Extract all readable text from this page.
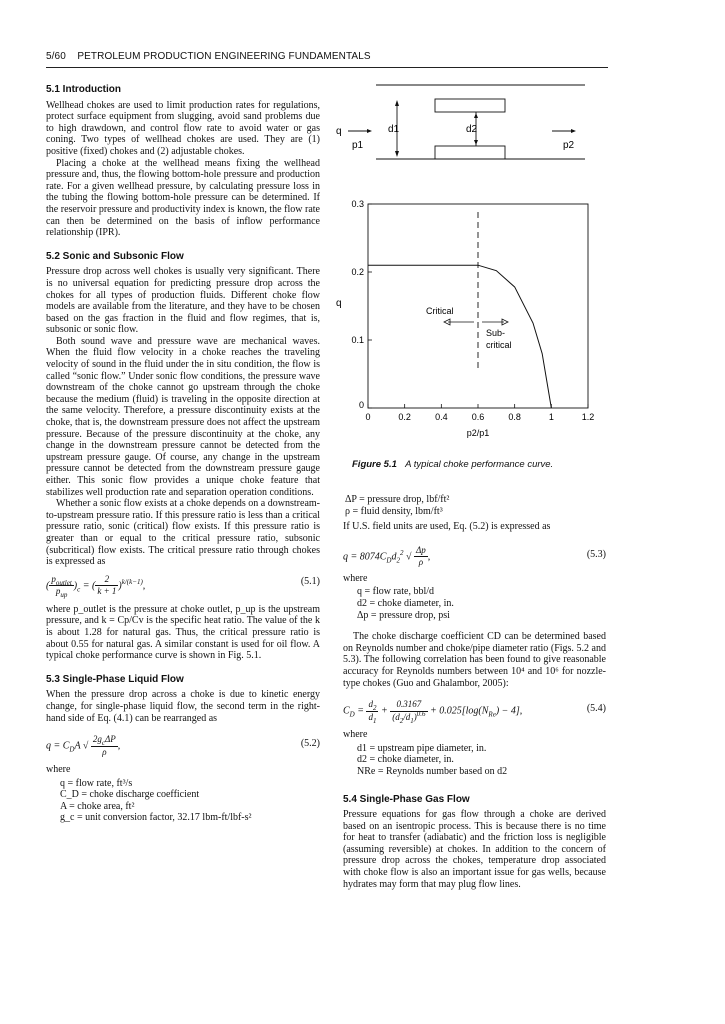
5/60 PETROLEUM PRODUCTION ENGINEERING FUNDAMENTALS
5.1 Introduction

Wellhead chokes are used to limit production rates for regulations, protect surface equipment from slugging, avoid sand problems due to high drawdown, and control flow rate to avoid water or gas coning. Two types of wellhead chokes are used. They are (1) positive (fixed) chokes and (2) adjustable chokes.

Placing a choke at the wellhead means fixing the wellhead pressure and, thus, the flowing bottom-hole pressure and production rate. For a given wellhead pressure, by calculating pressure loss in the tubing the flowing bottom-hole pressure can be determined. If the reservoir pressure and productivity index is known, the flow rate can then be determined on the basis of inflow performance relationship (IPR).

5.2 Sonic and Subsonic Flow

Pressure drop across well chokes is usually very significant. There is no universal equation for predicting pressure drop across the chokes for all types of production fluids. Different choke flow models are available from the literature, and they have to be chosen based on the gas fraction in the fluid and flow regimes, that is, subsonic or sonic flow.

Both sound wave and pressure wave are mechanical waves. When the fluid flow velocity in a choke reaches the traveling velocity of sound in the fluid under the in situ condition, the flow is called “sonic flow.” Under sonic flow conditions, the pressure wave downstream of the choke cannot go upstream through the choke because the medium (fluid) is traveling in the opposite direction at the same velocity. Therefore, a pressure discontinuity exists at the choke, that is, the downstream pressure does not affect the upstream pressure. Because of the pressure discontinuity at the choke, any change in the downstream pressure cannot be detected from the upstream pressure gauge. Of course, any change in the upstream pressure cannot be detected from the downstream pressure gauge either. This sonic flow provides a unique choke feature that stabilizes well production rate and separation operation conditions.

Whether a sonic flow exists at a choke depends on a downstream-to-upstream pressure ratio. If this pressure ratio is less than a critical pressure ratio, sonic (critical) flow exists. If this pressure ratio is greater than or equal to the critical pressure ratio, subsonic (subcritical) flow exists. The critical pressure ratio through chokes is expressed as

( $\frac{p_{outlet}}{p_{up}} )_c$ = ( $\frac{2}{k + 1} )^{k/(k-1)}$,	(5.1)

where p_outlet is the pressure at choke outlet, p_up is the upstream pressure, and k = Cp/Cv is the specific heat ratio. The value of the k is about 1.28 for natural gas. Thus, the critical pressure ratio is about 0.55 for natural gas. A similar constant is used for oil flow. A typical choke performance curve is shown in Fig. 5.1.

5.3 Single-Phase Liquid Flow

When the pressure drop across a choke is due to kinetic energy change, for single-phase liquid flow, the second term in the right-hand side of Eq. (4.1) can be rearranged as

$q = C_DA$ √ $\frac{2g_c\Delta P}{\rho}$ ,	(5.2)

where

q = flow rate, ft³/s
C_D = choke discharge coefficient
A = choke area, ft²
g_c = unit conversion factor, 32.17 lbm-ft/lbf-s²
q	d1	d2
p1	p2
0	0.2	0.4	0.6	0.8	1	1.2
0
0.1
0.2
0.3
q
p2/p1
Critical
Sub-
critical
Figure 5.1 A typical choke performance curve.
ΔP = pressure drop, lbf/ft²
ρ = fluid density, lbm/ft³

If U.S. field units are used, Eq. (5.2) is expressed as

$q = 8074C_Dd_2^2$ √ $\frac{\Delta p}{\rho}$ ,	(5.3)

where

q = flow rate, bbl/d
d2 = choke diameter, in.
Δp = pressure drop, psi

The choke discharge coefficient CD can be determined based on Reynolds number and choke/pipe diameter ratio (Figs. 5.2 and 5.3). The following correlation has been found to give reasonable accuracy for Reynolds numbers between 10⁴ and 10⁶ for nozzle-type chokes (Guo and Ghalambor, 2005):

$C_D = \frac{d_2}{d_1} + \frac{0.3167}{(d_2/d_1)^{0.6}} + 0.025[\log(N_{Re}) - 4]$,	(5.4)

where

d1 = upstream pipe diameter, in.
d2 = choke diameter, in.
NRe = Reynolds number based on d2
5.4 Single-Phase Gas Flow

Pressure equations for gas flow through a choke are derived based on an isentropic process. This is because there is no time for heat to transfer (adiabatic) and the friction loss is negligible (assuming reversible) at chokes. In addition to the concern of pressure drop across the chokes, temperature drop associated with choke flow is also an important issue for gas wells, because hydrates may form that may plug flow lines.
